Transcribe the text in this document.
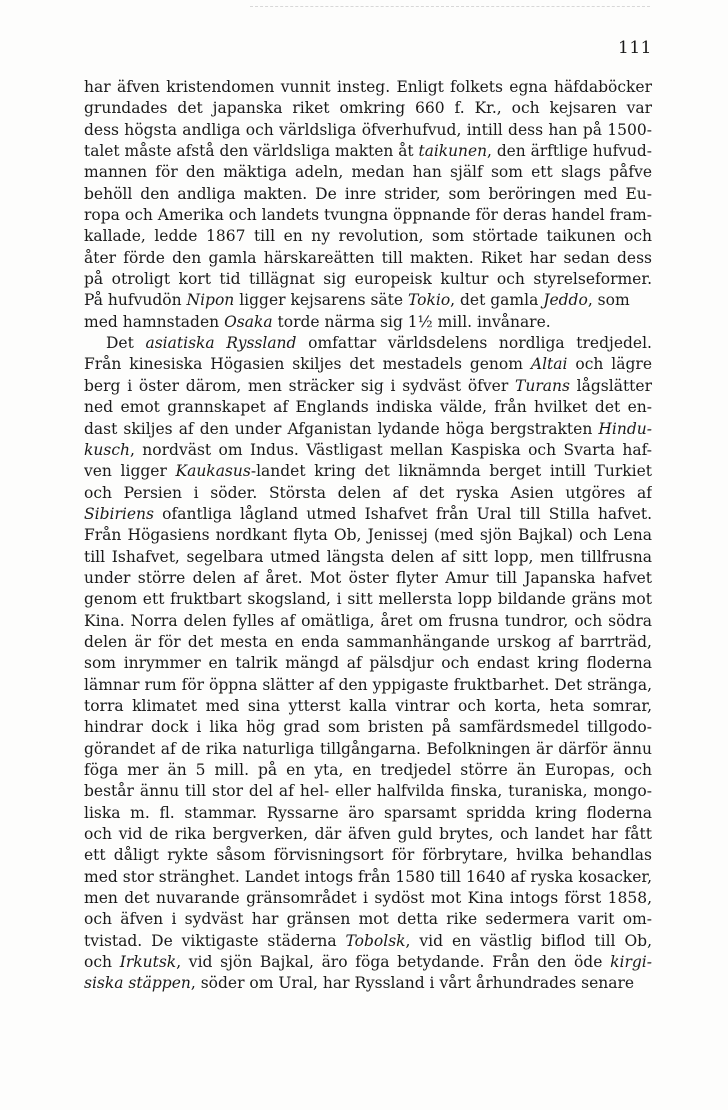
111
har äfven kristendomen vunnit insteg. Enligt folkets egna häfdaböcker
grundades det japanska riket omkring 660 f. Kr., och kejsaren var
dess högsta andliga och världsliga öfverhufvud, intill dess han på 1500-
talet måste afstå den världsliga makten åt taikunen, den ärftlige hufvud-
mannen för den mäktiga adeln, medan han själf som ett slags påfve
behöll den andliga makten. De inre strider, som beröringen med Eu-
ropa och Amerika och landets tvungna öppnande för deras handel fram-
kallade, ledde 1867 till en ny revolution, som störtade taikunen och
åter förde den gamla härskareätten till makten. Riket har sedan dess
på otroligt kort tid tillägnat sig europeisk kultur och styrelseformer.
På hufvudön Nipon ligger kejsarens säte Tokio, det gamla Jeddo, som
med hamnstaden Osaka torde närma sig 1½ mill. invånare.
Det asiatiska Ryssland omfattar världsdelens nordliga tredjedel.
Från kinesiska Högasien skiljes det mestadels genom Altai och lägre
berg i öster därom, men sträcker sig i sydväst öfver Turans lågslätter
ned emot grannskapet af Englands indiska välde, från hvilket det en-
dast skiljes af den under Afganistan lydande höga bergstrakten Hindu-
kusch, nordväst om Indus. Västligast mellan Kaspiska och Svarta haf-
ven ligger Kaukasus-landet kring det liknämnda berget intill Turkiet
och Persien i söder. Största delen af det ryska Asien utgöres af
Sibiriens ofantliga lågland utmed Ishafvet från Ural till Stilla hafvet.
Från Högasiens nordkant flyta Ob, Jenissej (med sjön Bajkal) och Lena
till Ishafvet, segelbara utmed längsta delen af sitt lopp, men tillfrusna
under större delen af året. Mot öster flyter Amur till Japanska hafvet
genom ett fruktbart skogsland, i sitt mellersta lopp bildande gräns mot
Kina. Norra delen fylles af omätliga, året om frusna tundror, och södra
delen är för det mesta en enda sammanhängande urskog af barrträd,
som inrymmer en talrik mängd af pälsdjur och endast kring floderna
lämnar rum för öppna slätter af den yppigaste fruktbarhet. Det stränga,
torra klimatet med sina ytterst kalla vintrar och korta, heta somrar,
hindrar dock i lika hög grad som bristen på samfärdsmedel tillgodo-
görandet af de rika naturliga tillgångarna. Befolkningen är därför ännu
föga mer än 5 mill. på en yta, en tredjedel större än Europas, och
består ännu till stor del af hel- eller halfvilda finska, turaniska, mongo-
liska m. fl. stammar. Ryssarne äro sparsamt spridda kring floderna
och vid de rika bergverken, där äfven guld brytes, och landet har fått
ett dåligt rykte såsom förvisningsort för förbrytare, hvilka behandlas
med stor stränghet. Landet intogs från 1580 till 1640 af ryska kosacker,
men det nuvarande gränsområdet i sydöst mot Kina intogs först 1858,
och äfven i sydväst har gränsen mot detta rike sedermera varit om-
tvistad. De viktigaste städerna Tobolsk, vid en västlig biflod till Ob,
och Irkutsk, vid sjön Bajkal, äro föga betydande. Från den öde kirgi-
siska stäppen, söder om Ural, har Ryssland i vårt århundrades senare
